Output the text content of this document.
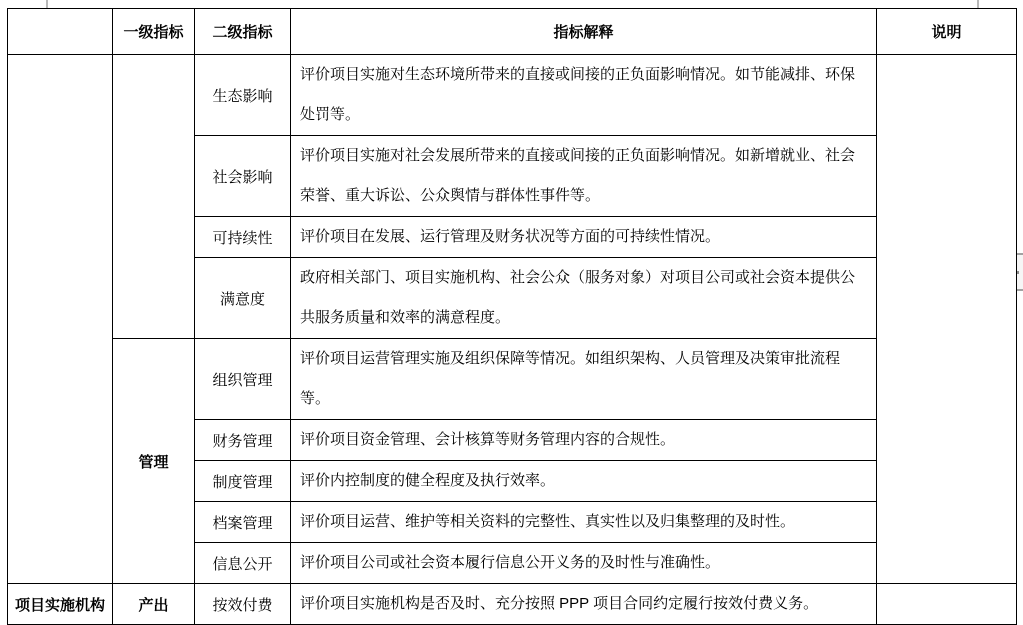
	一级指标	二级指标	指标解释	说明
		生态影响	评价项目实施对生态环境所带来的直接或间接的正负面影响情况。如节能减排、环保处罚等。	
		社会影响	评价项目实施对社会发展所带来的直接或间接的正负面影响情况。如新增就业、社会荣誉、重大诉讼、公众舆情与群体性事件等。	
		可持续性	评价项目在发展、运行管理及财务状况等方面的可持续性情况。	
		满意度	政府相关部门、项目实施机构、社会公众（服务对象）对项目公司或社会资本提供公共服务质量和效率的满意程度。	
	管理	组织管理	评价项目运营管理实施及组织保障等情况。如组织架构、人员管理及决策审批流程等。	
		财务管理	评价项目资金管理、会计核算等财务管理内容的合规性。	
		制度管理	评价内控制度的健全程度及执行效率。	
		档案管理	评价项目运营、维护等相关资料的完整性、真实性以及归集整理的及时性。	
		信息公开	评价项目公司或社会资本履行信息公开义务的及时性与准确性。	
项目实施机构	产出	按效付费	评价项目实施机构是否及时、充分按照 PPP 项目合同约定履行按效付费义务。	
